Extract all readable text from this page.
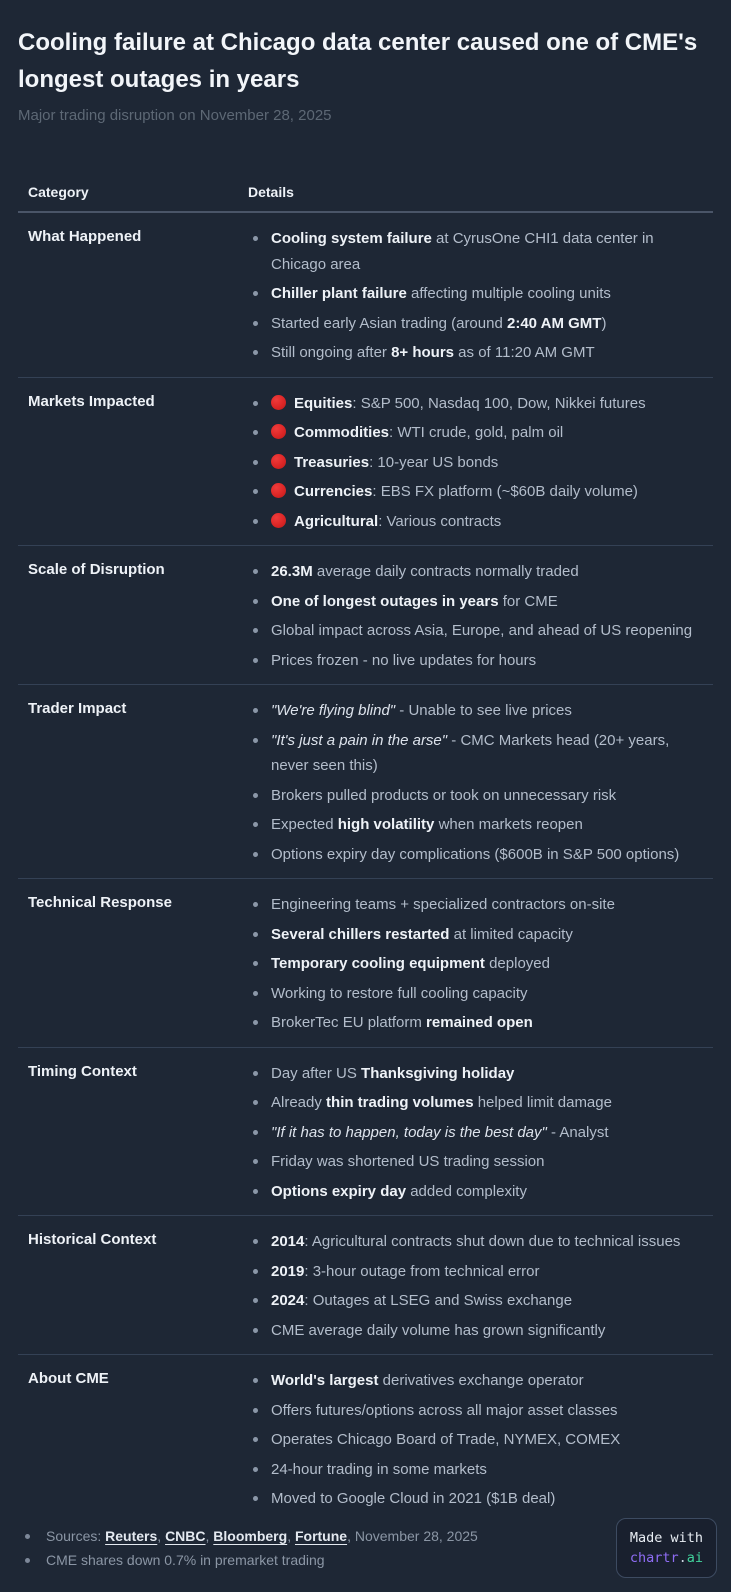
Cooling failure at Chicago data center caused one of CME's longest outages in years
Major trading disruption on November 28, 2025
Category	Details
What Happened	Cooling system failure at CyrusOne CHI1 data center in Chicago area
Chiller plant failure affecting multiple cooling units
Started early Asian trading (around 2:40 AM GMT)
Still ongoing after 8+ hours as of 11:20 AM GMT
Markets Impacted	Equities: S&P 500, Nasdaq 100, Dow, Nikkei futures
Commodities: WTI crude, gold, palm oil
Treasuries: 10-year US bonds
Currencies: EBS FX platform (~$60B daily volume)
Agricultural: Various contracts
Scale of Disruption	26.3M average daily contracts normally traded
One of longest outages in years for CME
Global impact across Asia, Europe, and ahead of US reopening
Prices frozen - no live updates for hours
Trader Impact	"We're flying blind" - Unable to see live prices
"It's just a pain in the arse" - CMC Markets head (20+ years, never seen this)
Brokers pulled products or took on unnecessary risk
Expected high volatility when markets reopen
Options expiry day complications ($600B in S&P 500 options)
Technical Response	Engineering teams + specialized contractors on-site
Several chillers restarted at limited capacity
Temporary cooling equipment deployed
Working to restore full cooling capacity
BrokerTec EU platform remained open
Timing Context	Day after US Thanksgiving holiday
Already thin trading volumes helped limit damage
"If it has to happen, today is the best day" - Analyst
Friday was shortened US trading session
Options expiry day added complexity
Historical Context	2014: Agricultural contracts shut down due to technical issues
2019: 3-hour outage from technical error
2024: Outages at LSEG and Swiss exchange
CME average daily volume has grown significantly
About CME	World's largest derivatives exchange operator
Offers futures/options across all major asset classes
Operates Chicago Board of Trade, NYMEX, COMEX
24-hour trading in some markets
Moved to Google Cloud in 2021 ($1B deal)
Sources: Reuters, CNBC, Bloomberg, Fortune, November 28, 2025
CME shares down 0.7% in premarket trading
Made with
chartr.ai
